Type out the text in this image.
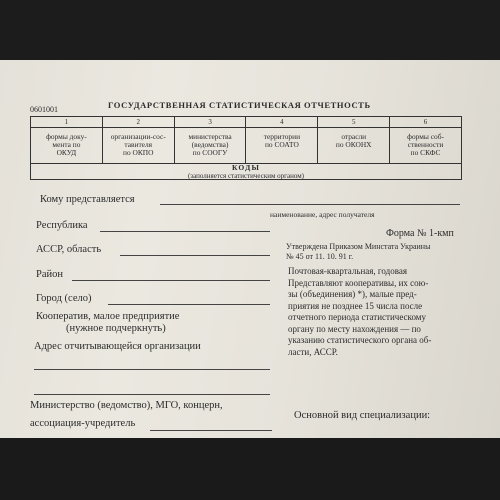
0601001	ГОСУДАРСТВЕННАЯ СТАТИСТИЧЕСКАЯ ОТЧЕТНОСТЬ
1
формы доку-
мента по
ОКУД
2
организации-сос-
тавителя
по ОКПО
3
министерства
(ведомства)
по СООГУ
4
территории
по СОАТО
5
отрасли
по ОКОНХ
6
формы соб-
ственности
по СКФС
КОДЫ
(заполняется статистическим органом)
Кому представляется
наименование, адрес получателя
Республика
АССР, область
Район
Город (село)
Кооператив, малое предприятие
(нужное подчеркнуть)
Адрес отчитывающейся организации
Министерство (ведомство), МГО, концерн,
ассоциация-учредитель
Форма № 1-кмп
Утверждена Приказом Минстата Украины
№ 45 от 11. 10. 91 г.
Почтовая-квартальная, годовая
Представляют кооперативы, их сою-
зы (объединения) *), малые пред-
приятия не позднее 15 числа после
отчетного периода статистическому
органу по месту нахождения — по
указанию статистического органа об-
ласти, АССР.
Основной вид специализации:
